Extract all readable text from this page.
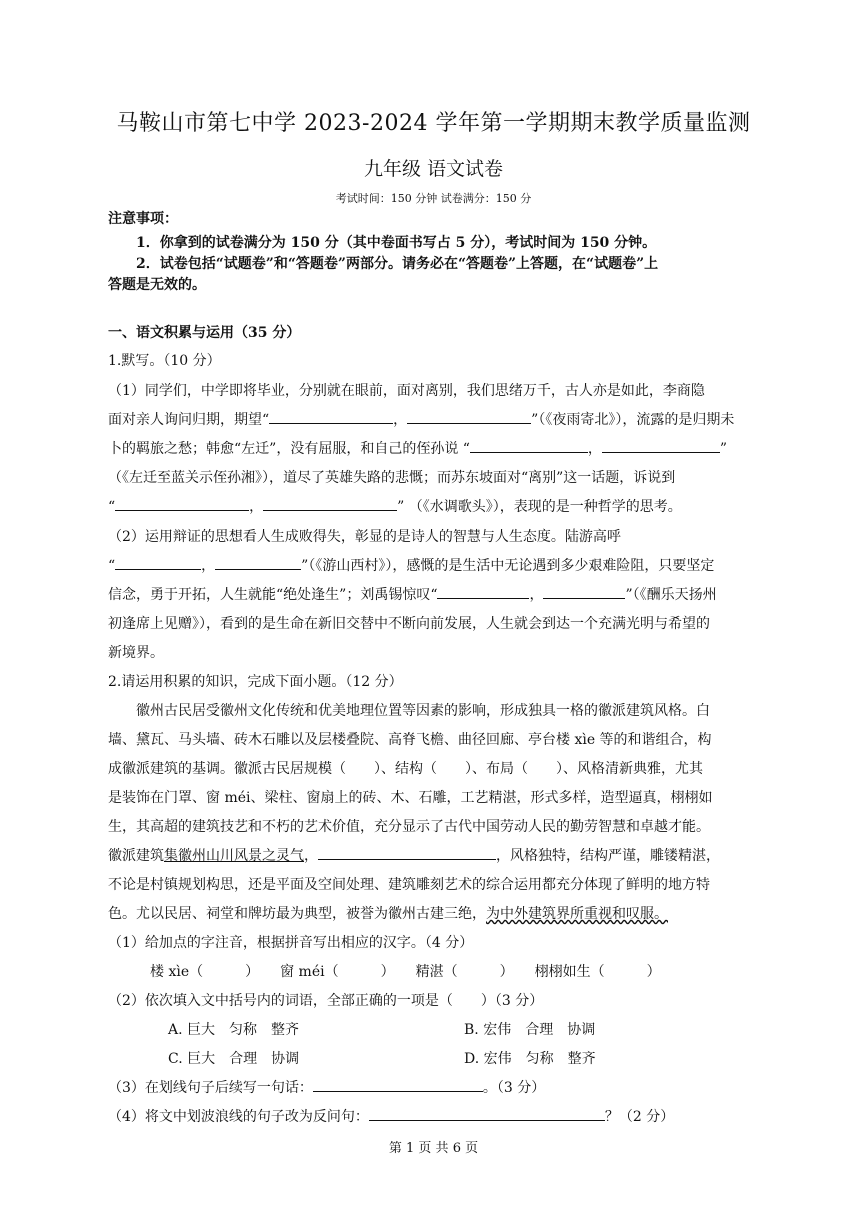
马鞍山市第七中学 2023-2024 学年第一学期期末教学质量监测
九年级 语文试卷
考试时间：150 分钟 试卷满分：150 分
注意事项：
1．你拿到的试卷满分为 150 分（其中卷面书写占 5 分），考试时间为 150 分钟。
2．试卷包括“试题卷”和“答题卷”两部分。请务必在“答题卷”上答题，在“试题卷”上
答题是无效的。
一、语文积累与运用（35 分）
1.默写。（10 分）
（1）同学们，中学即将毕业，分别就在眼前，面对离别，我们思绪万千，古人亦是如此，李商隐
面对亲人询问归期，期望“	，	”（《夜雨寄北》），流露的是归期未
卜的羁旅之愁；韩愈“左迁”，没有屈服，和自己的侄孙说 “	，	”
（《左迁至蓝关示侄孙湘》），道尽了英雄失路的悲慨；而苏东坡面对“离别”这一话题，诉说到
“	，	” （《水调歌头》），表现的是一种哲学的思考。
（2）运用辩证的思想看人生成败得失，彰显的是诗人的智慧与人生态度。陆游高呼
“	，	”（《游山西村》），感慨的是生活中无论遇到多少艰难险阻，只要坚定
信念，勇于开拓，人生就能“绝处逢生”；刘禹锡惊叹“	，	”（《酬乐天扬州
初逢席上见赠》），看到的是生命在新旧交替中不断向前发展，人生就会到达一个充满光明与希望的
新境界。
2.请运用积累的知识，完成下面小题。（12 分）
徽州古民居受徽州文化传统和优美地理位置等因素的影响，形成独具一格的徽派建筑风格。白
墙、黛瓦、马头墙、砖木石雕以及层楼叠院、高脊飞檐、曲径回廊、亭台楼 xìe 等的和谐组合，构
成徽派建筑的基调。徽派古民居规模（　　）、结构（　　）、布局（　　）、风格清新典雅，尤其
是装饰在门罩、窗 méi、梁柱、窗扇上的砖、木、石雕，工艺精湛，形式多样，造型逼真，栩栩如
生，其高超的建筑技艺和不朽的艺术价值，充分显示了古代中国劳动人民的勤劳智慧和卓越才能。
徽派建筑集徽州山川风景之灵气，	，风格独特，结构严谨，雕镂精湛，
不论是村镇规划构思，还是平面及空间处理、建筑雕刻艺术的综合运用都充分体现了鲜明的地方特
色。尤以民居、祠堂和牌坊最为典型，被誉为徽州古建三绝，为中外建筑界所重视和叹服。
（1）给加点的字注音，根据拼音写出相应的汉字。（4 分）
楼 xìe（　　　）　　窗 méi（　　　）　　精湛（　　　）　　栩栩如生（　　　）
（2）依次填入文中括号内的词语，全部正确的一项是（　　）（3 分）
A. 巨大　匀称　整齐	B. 宏伟　合理　协调
C. 巨大　合理　协调	D. 宏伟　匀称　整齐
（3）在划线句子后续写一句话：	。（3 分）
（4）将文中划波浪线的句子改为反问句：	？（2 分）
第 1 页 共 6 页
